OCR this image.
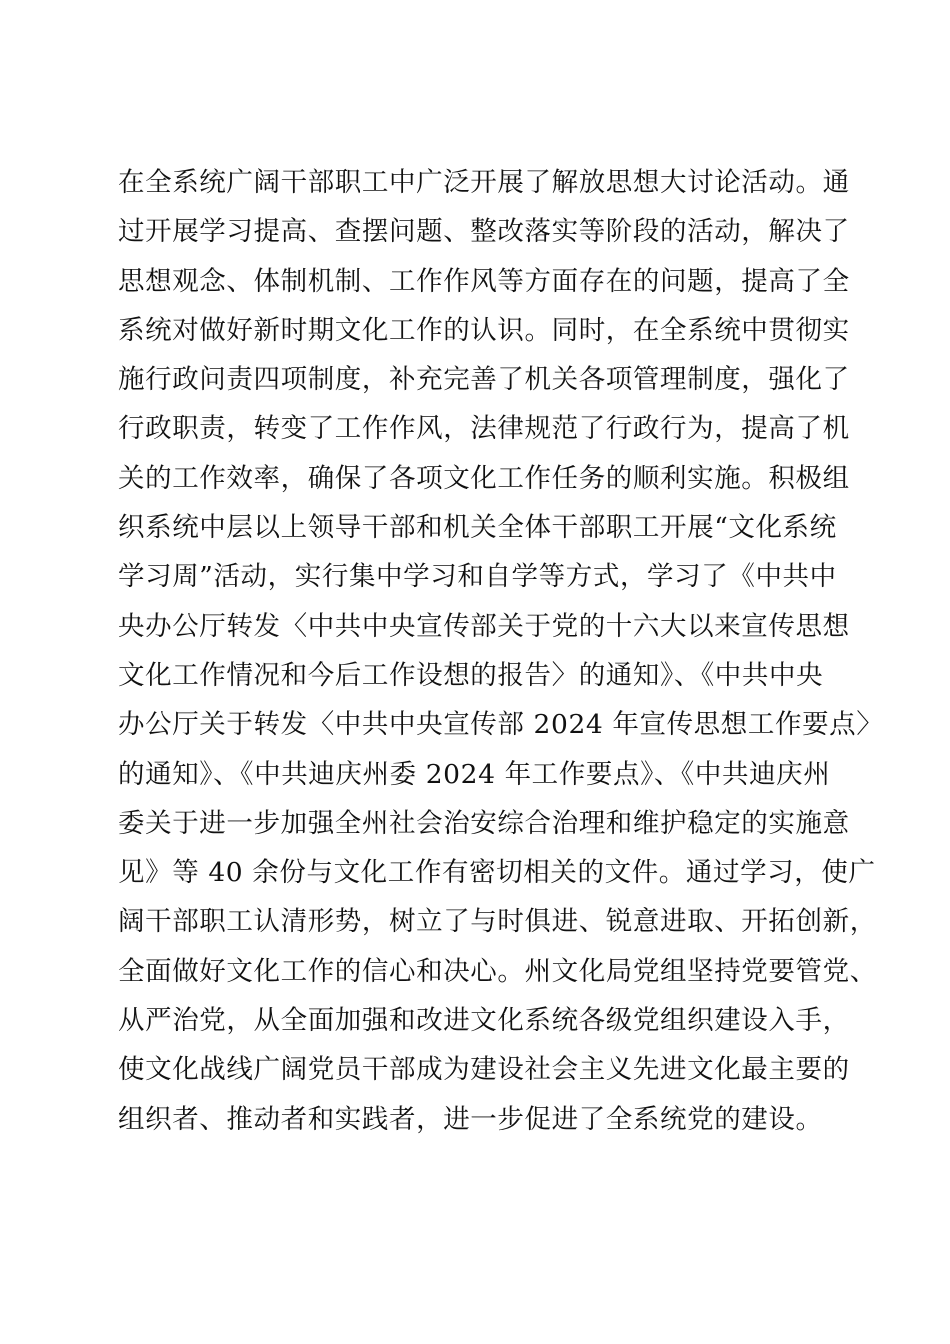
在全系统广阔干部职工中广泛开展了解放思想大讨论活动。通
过开展学习提高、查摆问题、整改落实等阶段的活动，解决了
思想观念、体制机制、工作作风等方面存在的问题，提高了全
系统对做好新时期文化工作的认识。同时，在全系统中贯彻实
施行政问责四项制度，补充完善了机关各项管理制度，强化了
行政职责，转变了工作作风，法律规范了行政行为，提高了机
关的工作效率，确保了各项文化工作任务的顺利实施。积极组
织系统中层以上领导干部和机关全体干部职工开展“文化系统
学习周”活动，实行集中学习和自学等方式，学习了《中共中
央办公厅转发〈中共中央宣传部关于党的十六大以来宣传思想
文化工作情况和今后工作设想的报告〉的通知》、《中共中央
办公厅关于转发〈中共中央宣传部 2024 年宣传思想工作要点〉
的通知》、《中共迪庆州委 2024 年工作要点》、《中共迪庆州
委关于进一步加强全州社会治安综合治理和维护稳定的实施意
见》等 40 余份与文化工作有密切相关的文件。通过学习，使广
阔干部职工认清形势，树立了与时俱进、锐意进取、开拓创新，
全面做好文化工作的信心和决心。州文化局党组坚持党要管党、
从严治党，从全面加强和改进文化系统各级党组织建设入手，
使文化战线广阔党员干部成为建设社会主义先进文化最主要的
组织者、推动者和实践者，进一步促进了全系统党的建设。
